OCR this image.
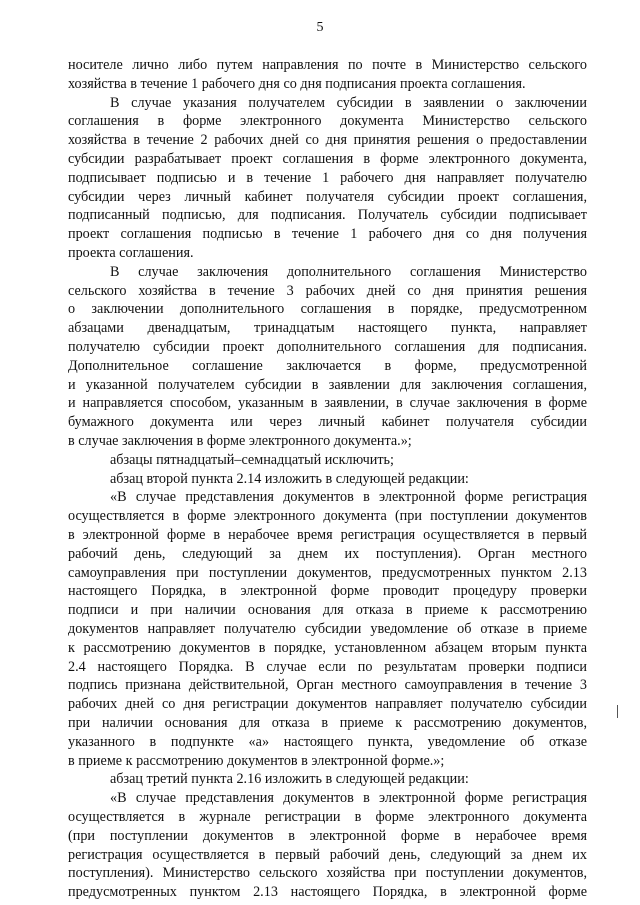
5
носителе лично либо путем направления по почте в Министерство сельского
хозяйства в течение 1 рабочего дня со дня подписания проекта соглашения.
В случае указания получателем субсидии в заявлении о заключении
соглашения в форме электронного документа Министерство сельского
хозяйства в течение 2 рабочих дней со дня принятия решения о предоставлении
субсидии разрабатывает проект соглашения в форме электронного документа,
подписывает подписью и в течение 1 рабочего дня направляет получателю
субсидии через личный кабинет получателя субсидии проект соглашения,
подписанный подписью, для подписания. Получатель субсидии подписывает
проект соглашения подписью в течение 1 рабочего дня со дня получения
проекта соглашения.
В случае заключения дополнительного соглашения Министерство
сельского хозяйства в течение 3 рабочих дней со дня принятия решения
о заключении дополнительного соглашения в порядке, предусмотренном
абзацами двенадцатым, тринадцатым настоящего пункта, направляет
получателю субсидии проект дополнительного соглашения для подписания.
Дополнительное соглашение заключается в форме, предусмотренной
и указанной получателем субсидии в заявлении для заключения соглашения,
и направляется способом, указанным в заявлении, в случае заключения в форме
бумажного документа или через личный кабинет получателя субсидии
в случае заключения в форме электронного документа.»;
абзацы пятнадцатый–семнадцатый исключить;
абзац второй пункта 2.14 изложить в следующей редакции:
«В случае представления документов в электронной форме регистрация
осуществляется в форме электронного документа (при поступлении документов
в электронной форме в нерабочее время регистрация осуществляется в первый
рабочий день, следующий за днем их поступления). Орган местного
самоуправления при поступлении документов, предусмотренных пунктом 2.13
настоящего Порядка, в электронной форме проводит процедуру проверки
подписи и при наличии основания для отказа в приеме к рассмотрению
документов направляет получателю субсидии уведомление об отказе в приеме
к рассмотрению документов в порядке, установленном абзацем вторым пункта
2.4 настоящего Порядка. В случае если по результатам проверки подписи
подпись признана действительной, Орган местного самоуправления в течение 3
рабочих дней со дня регистрации документов направляет получателю субсидии
при наличии основания для отказа в приеме к рассмотрению документов,
указанного в подпункте «а» настоящего пункта, уведомление об отказе
в приеме к рассмотрению документов в электронной форме.»;
абзац третий пункта 2.16 изложить в следующей редакции:
«В случае представления документов в электронной форме регистрация
осуществляется в журнале регистрации в форме электронного документа
(при поступлении документов в электронной форме в нерабочее время
регистрация осуществляется в первый рабочий день, следующий за днем их
поступления). Министерство сельского хозяйства при поступлении документов,
предусмотренных пунктом 2.13 настоящего Порядка, в электронной форме
